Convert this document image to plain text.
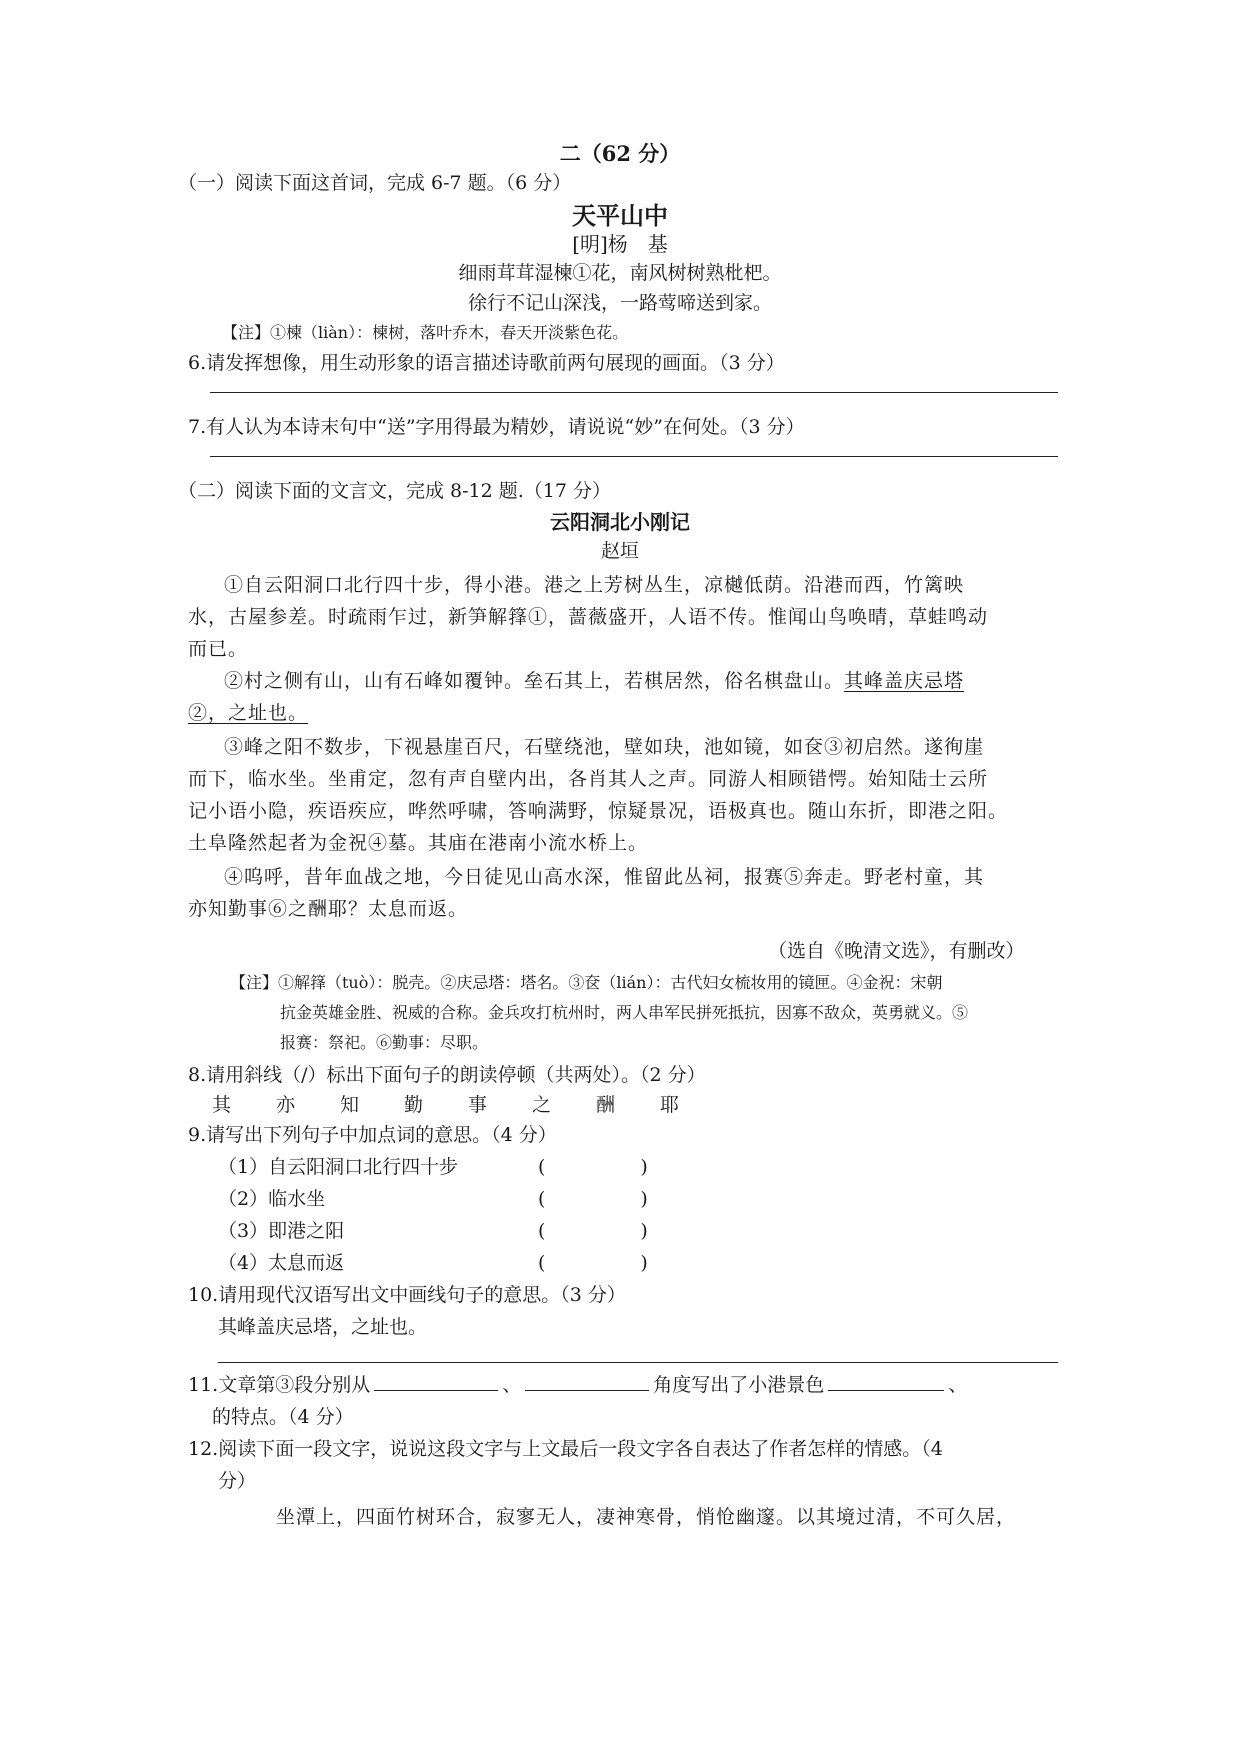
二（62 分）
（一）阅读下面这首词，完成 6-7 题。（6 分）
天平山中
[明]杨　基
细雨茸茸湿楝①花，南风树树熟枇杷。
徐行不记山深浅，一路莺啼送到家。
【注】①楝（liàn）：楝树，落叶乔木，春天开淡紫色花。
6.请发挥想像，用生动形象的语言描述诗歌前两句展现的画面。（3 分）
7.有人认为本诗末句中“送”字用得最为精妙，请说说“妙”在何处。（3 分）
（二）阅读下面的文言文，完成 8-12 题.（17 分）
云阳洞北小刚记
赵垣
①自云阳洞口北行四十步，得小港。港之上芳树丛生，凉樾低荫。沿港而西，竹篱映
水，古屋参差。时疏雨乍过，新笋解箨①，蔷薇盛开，人语不传。惟闻山鸟唤晴，草蛙鸣动
而已。
②村之侧有山，山有石峰如覆钟。垒石其上，若棋居然，俗名棋盘山。其峰盖庆忌塔
②，之址也。
③峰之阳不数步，下视悬崖百尺，石壁绕池，壁如玦，池如镜，如奁③初启然。遂徇崖
而下，临水坐。坐甫定，忽有声自壁内出，各肖其人之声。同游人相顾错愕。始知陆士云所
记小语小隐，疾语疾应，哗然呼啸，答响满野，惊疑景况，语极真也。随山东折，即港之阳。
土阜隆然起者为金祝④墓。其庙在港南小流水桥上。
④呜呼，昔年血战之地，今日徒见山高水深，惟留此丛祠，报赛⑤奔走。野老村童，其
亦知勤事⑥之酬耶？太息而返。
（选自《晚清文选》，有删改）
【注】①解箨（tuò）：脱壳。②庆忌塔：塔名。③奁（lián）：古代妇女梳妆用的镜匣。④金祝：宋朝
抗金英雄金胜、祝威的合称。金兵攻打杭州时，两人串军民拼死抵抗，因寡不敌众，英勇就义。⑤
报赛：祭祀。⑥勤事：尽职。
8.请用斜线（/）标出下面句子的朗读停顿（共两处）。（2 分）
其 亦 知 勤 事 之 酬 耶
9.请写出下列句子中加点词的意思。（4 分）
（1）自云阳洞口北行四十步	(　　　　　)
（2）临水坐	(　　　　　)
（3）即港之阳	(　　　　　)
（4）太息而返	(　　　　　)
10.请用现代汉语写出文中画线句子的意思。（3 分）
其峰盖庆忌塔，之址也。
11.文章第③段分别从	、	角度写出了小港景色	、
的特点。（4 分）
12.阅读下面一段文字，说说这段文字与上文最后一段文字各自表达了作者怎样的情感。（4
分）
坐潭上，四面竹树环合，寂寥无人，凄神寒骨，悄怆幽邃。以其境过清，不可久居，
